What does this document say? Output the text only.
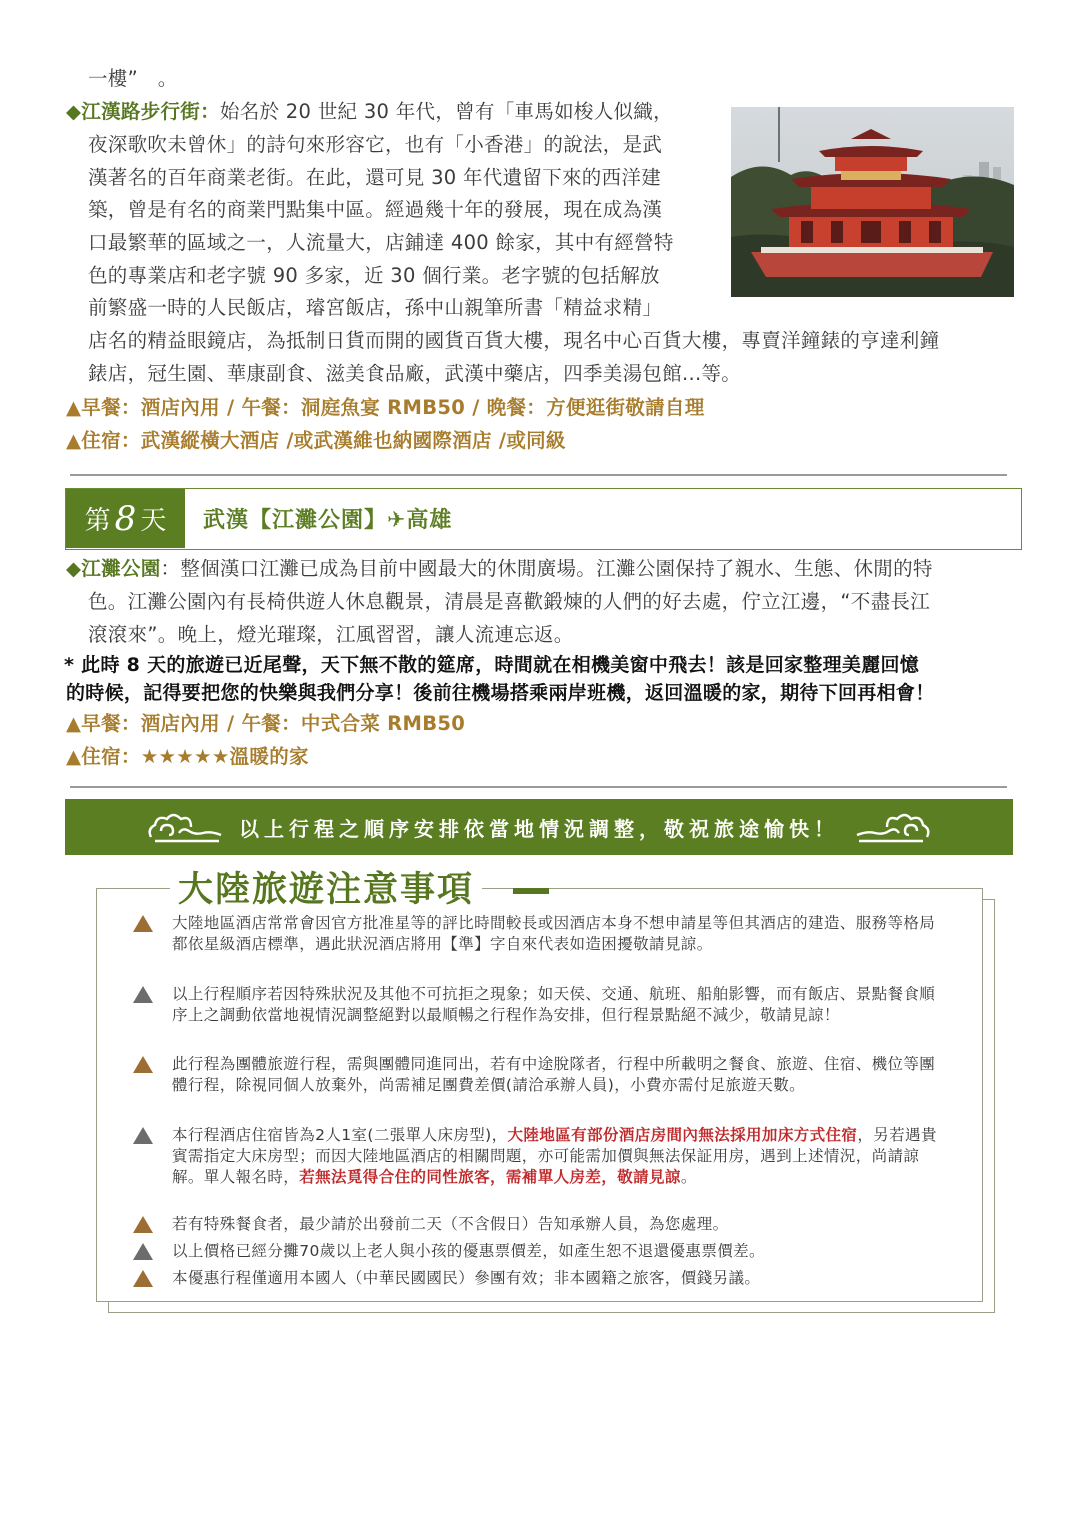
一樓”　。
◆江漢路步行街：始名於 20 世紀 30 年代，曾有「車馬如梭人似織，
夜深歌吹未曾休」的詩句來形容它，也有「小香港」的說法，是武
漢著名的百年商業老街。在此，還可見 30 年代遺留下來的西洋建
築，曾是有名的商業門點集中區。經過幾十年的發展，現在成為漢
口最繁華的區域之一，人流量大，店鋪達 400 餘家，其中有經營特
色的專業店和老字號 90 多家，近 30 個行業。老字號的包括解放
前繁盛一時的人民飯店，璿宮飯店，孫中山親筆所書「精益求精」
店名的精益眼鏡店，為抵制日貨而開的國貨百貨大樓，現名中心百貨大樓，專賣洋鐘錶的亨達利鐘
錶店，冠生園、華康副食、滋美食品廠，武漢中藥店，四季美湯包館...等。
▲早餐：酒店內用 / 午餐：洞庭魚宴 RMB50 / 晚餐：方便逛街敬請自理
▲住宿：武漢縱橫大酒店 /或武漢維也納國際酒店 /或同級
第 8 天 武漢【江灘公園】✈高雄
◆江灘公園：整個漢口江灘已成為目前中國最大的休閒廣場。江灘公園保持了親水、生態、休閒的特
色。江灘公園內有長椅供遊人休息觀景，清晨是喜歡鍛煉的人們的好去處，佇立江邊，“不盡長江
滾滾來”。晚上，燈光璀璨，江風習習，讓人流連忘返。
* 此時 8 天的旅遊已近尾聲，天下無不散的筵席，時間就在相機美窗中飛去！該是回家整理美麗回憶
的時候，記得要把您的快樂與我們分享！後前往機場搭乘兩岸班機，返回溫暖的家，期待下回再相會！
▲早餐：酒店內用 / 午餐：中式合菜 RMB50
▲住宿：★★★★★溫暖的家
以上行程之順序安排依當地情況調整，敬祝旅途愉快！
大陸旅遊注意事項
大陸地區酒店常常會因官方批准星等的評比時間較長或因酒店本身不想申請星等但其酒店的建造、服務等格局都依星級酒店標準，遇此狀況酒店將用【準】字自來代表如造困擾敬請見諒。
以上行程順序若因特殊狀況及其他不可抗拒之現象；如天侯、交通、航班、船舶影響，而有飯店、景點餐食順序上之調動依當地視情況調整絕對以最順暢之行程作為安排，但行程景點絕不減少，敬請見諒！
此行程為團體旅遊行程，需與團體同進同出，若有中途脫隊者，行程中所載明之餐食、旅遊、住宿、機位等團體行程，除視同個人放棄外，尚需補足團費差價(請洽承辦人員)，小費亦需付足旅遊天數。
本行程酒店住宿皆為2人1室(二張單人床房型)，大陸地區有部份酒店房間內無法採用加床方式住宿，另若遇貴賓需指定大床房型；而因大陸地區酒店的相關問題，亦可能需加價與無法保証用房，遇到上述情況，尚請諒解。單人報名時，若無法覓得合住的同性旅客，需補單人房差，敬請見諒。
若有特殊餐食者，最少請於出發前二天（不含假日）告知承辦人員，為您處理。
以上價格已經分攤70歲以上老人與小孩的優惠票價差，如產生恕不退還優惠票價差。
本優惠行程僅適用本國人（中華民國國民）參團有效；非本國籍之旅客，價錢另議。
